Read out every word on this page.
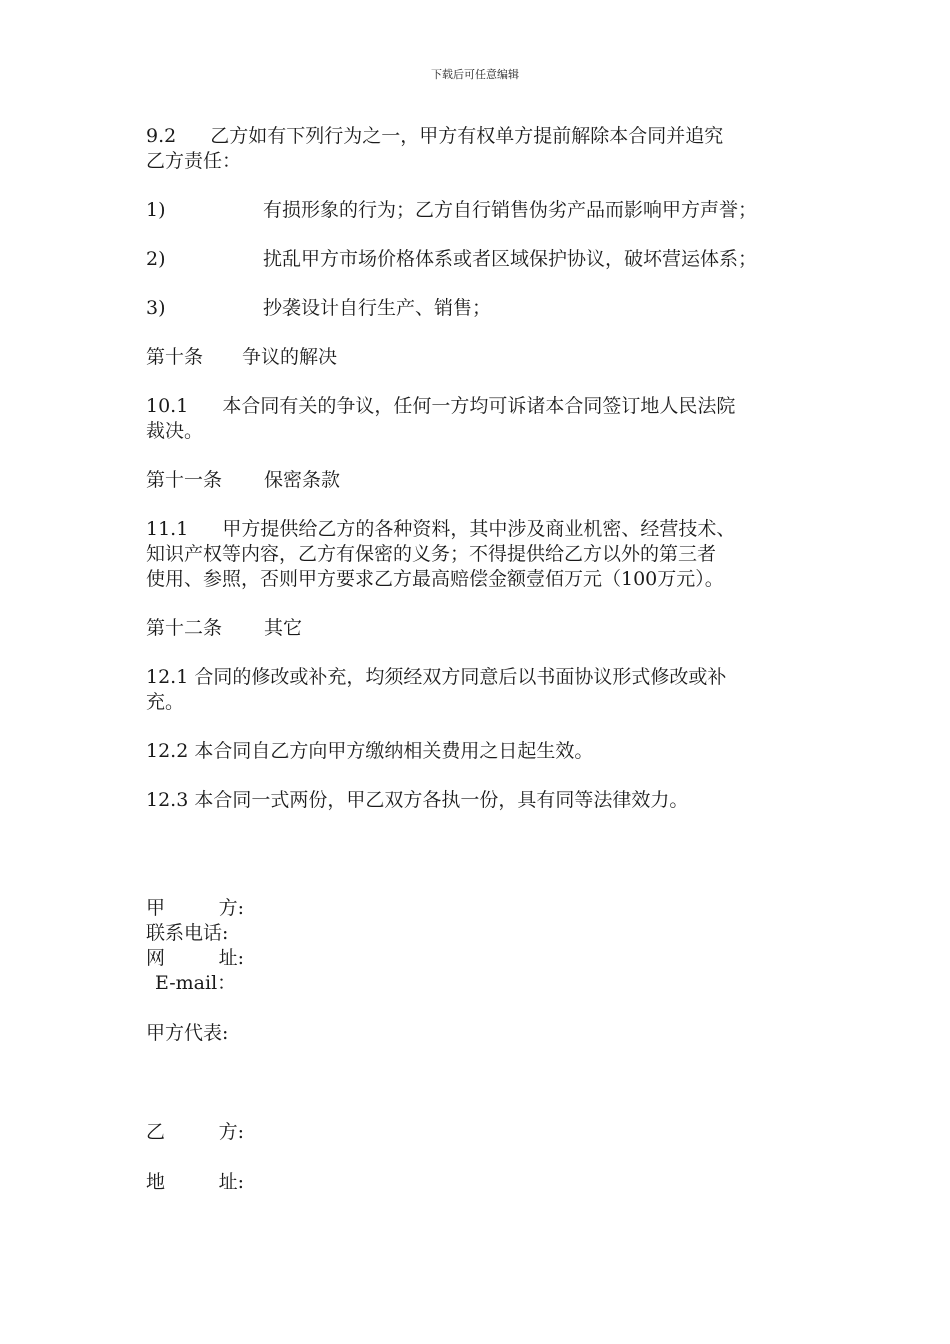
下载后可任意编辑

9.2 乙方如有下列行为之一，甲方有权单方提前解除本合同并追究

乙方责任：

1)	有损形象的行为；乙方自行销售伪劣产品而影响甲方声誉；
2)	扰乱甲方市场价格体系或者区域保护协议，破坏营运体系；
3)	抄袭设计自行生产、销售；

第十条 争议的解决

10.1 本合同有关的争议，任何一方均可诉诸本合同签订地人民法院

裁决。

第十一条 保密条款

11.1 甲方提供给乙方的各种资料，其中涉及商业机密、经营技术、

知识产权等内容，乙方有保密的义务；不得提供给乙方以外的第三者

使用、参照，否则甲方要求乙方最高赔偿金额壹佰万元（100万元）。

第十二条 其它

12.1 合同的修改或补充，均须经双方同意后以书面协议形式修改或补

充。

12.2 本合同自乙方向甲方缴纳相关费用之日起生效。

12.3 本合同一式两份，甲乙双方各执一份，具有同等法律效力。

甲	方:
联系电话:
网	址:
E-mail：
甲方代表:
乙	方:
地	址:
